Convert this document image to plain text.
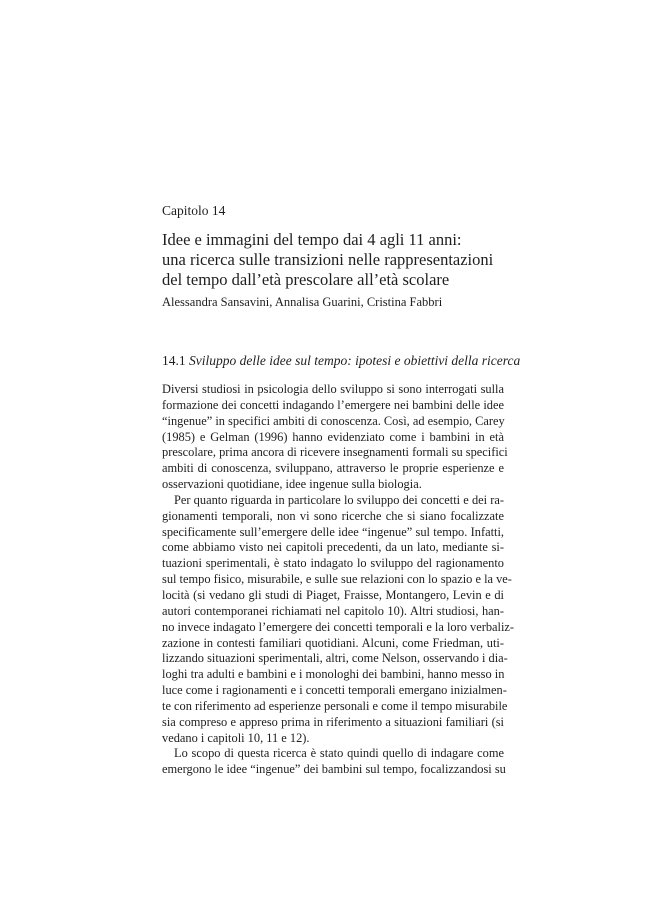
Capitolo 14
Idee e immagini del tempo dai 4 agli 11 anni:
una ricerca sulle transizioni nelle rappresentazioni
del tempo dall’età prescolare all’età scolare
Alessandra Sansavini, Annalisa Guarini, Cristina Fabbri
14.1 Sviluppo delle idee sul tempo: ipotesi e obiettivi della ricerca
Diversi studiosi in psicologia dello sviluppo si sono interrogati sulla
formazione dei concetti indagando l’emergere nei bambini delle idee
“ingenue” in specifici ambiti di conoscenza. Così, ad esempio, Carey
(1985) e Gelman (1996) hanno evidenziato come i bambini in età
prescolare, prima ancora di ricevere insegnamenti formali su specifici
ambiti di conoscenza, sviluppano, attraverso le proprie esperienze e
osservazioni quotidiane, idee ingenue sulla biologia.
Per quanto riguarda in particolare lo sviluppo dei concetti e dei ra-
gionamenti temporali, non vi sono ricerche che si siano focalizzate
specificamente sull’emergere delle idee “ingenue” sul tempo. Infatti,
come abbiamo visto nei capitoli precedenti, da un lato, mediante si-
tuazioni sperimentali, è stato indagato lo sviluppo del ragionamento
sul tempo fisico, misurabile, e sulle sue relazioni con lo spazio e la ve-
locità (si vedano gli studi di Piaget, Fraisse, Montangero, Levin e di
autori contemporanei richiamati nel capitolo 10). Altri studiosi, han-
no invece indagato l’emergere dei concetti temporali e la loro verbaliz-
zazione in contesti familiari quotidiani. Alcuni, come Friedman, uti-
lizzando situazioni sperimentali, altri, come Nelson, osservando i dia-
loghi tra adulti e bambini e i monologhi dei bambini, hanno messo in
luce come i ragionamenti e i concetti temporali emergano inizialmen-
te con riferimento ad esperienze personali e come il tempo misurabile
sia compreso e appreso prima in riferimento a situazioni familiari (si
vedano i capitoli 10, 11 e 12).
Lo scopo di questa ricerca è stato quindi quello di indagare come
emergono le idee “ingenue” dei bambini sul tempo, focalizzandosi su
